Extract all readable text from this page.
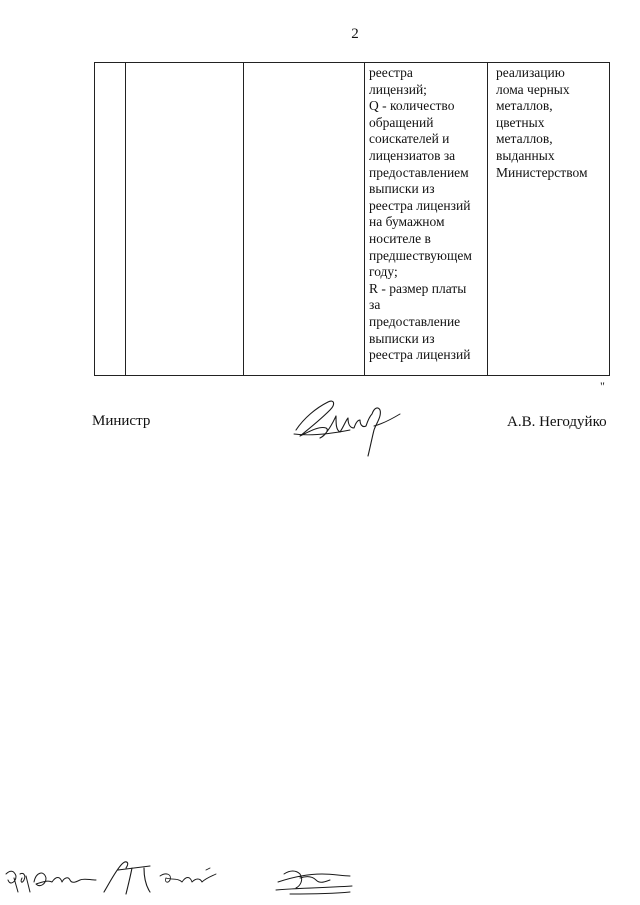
2
реестра
лицензий;
Q - количество
обращений
соискателей и
лицензиатов за
предоставлением
выписки из
реестра лицензий
на бумажном
носителе в
предшествующем
году;
R - размер платы
за
предоставление
выписки из
реестра лицензий
реализацию
лома черных
металлов,
цветных
металлов,
выданных
Министерством
"
Министр	А.В. Негодуйко
